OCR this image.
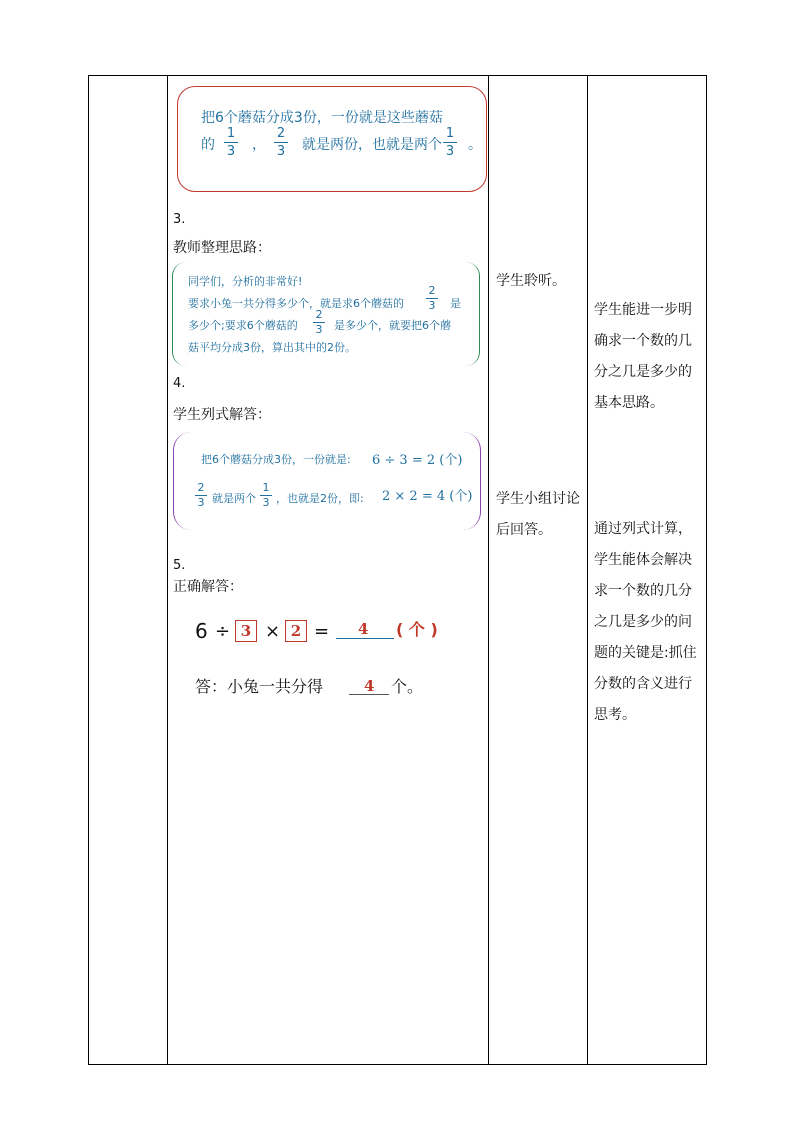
把6个蘑菇分成3份，一份就是这些蘑菇
的
1
3 ，
2
3 就是两份，也就是两个
1
3 。
3.
教师整理思路：
同学们，分析的非常好!
要求小兔一共分得多少个，就是求6个蘑菇的
2
3 是
多少个;要求6个蘑菇的
2
3 是多少个，就要把6个蘑
菇平均分成3份，算出其中的2份。
4.
学生列式解答：
把6个蘑菇分成3份，一份就是: 6 ÷ 3 = 2 (个)
2
3 就是两个
1
3 ，也就是2份，即: 2 × 2 = 4 (个)
5.
正确解答：
6 ÷ 3 × 2 = 4 ( 个 )
答：小兔一共分得	4 个。
学生聆听。
学生小组讨论
后回答。
学生能进一步明
确求一个数的几
分之几是多少的
基本思路。
通过列式计算，
学生能体会解决
求一个数的几分
之几是多少的问
题的关键是:抓住
分数的含义进行
思考。
